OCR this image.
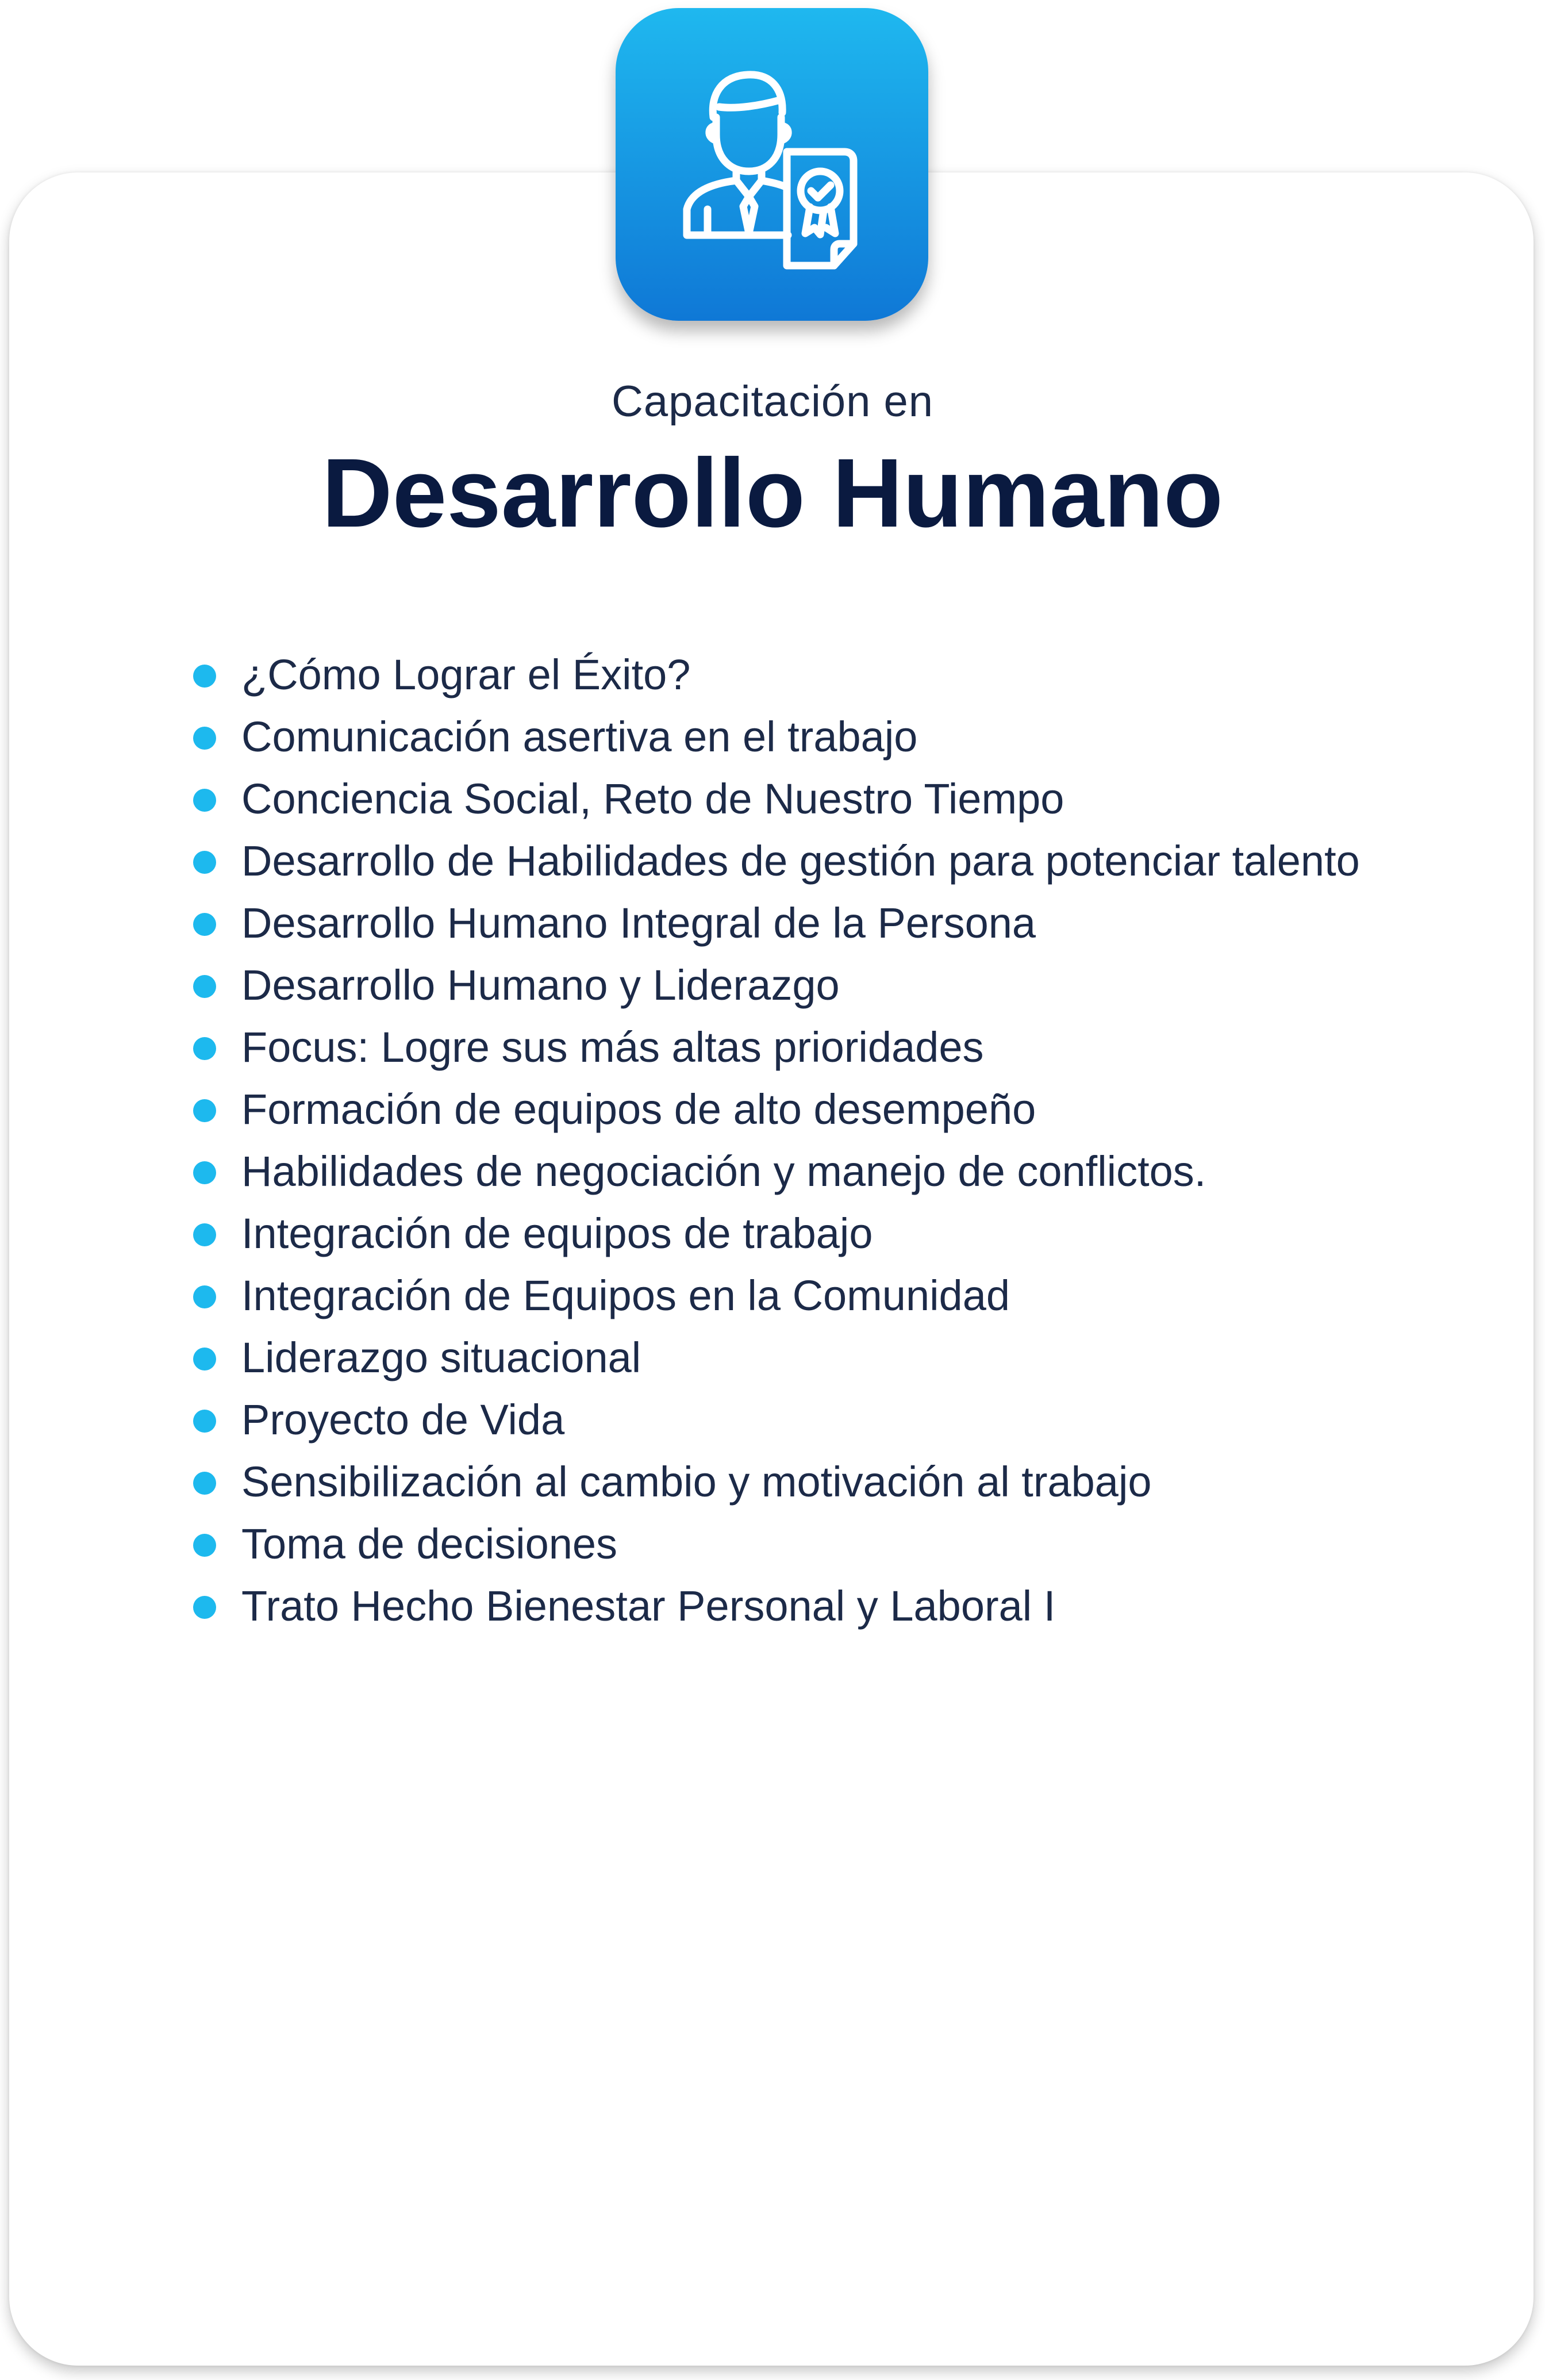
Capacitación en
Desarrollo Humano
¿Cómo Lograr el Éxito?
Comunicación asertiva en el trabajo
Conciencia Social, Reto de Nuestro Tiempo
Desarrollo de Habilidades de gestión para potenciar talento
Desarrollo Humano Integral de la Persona
Desarrollo Humano y Liderazgo
Focus: Logre sus más altas prioridades
Formación de equipos de alto desempeño
Habilidades de negociación y manejo de conflictos.
Integración de equipos de trabajo
Integración de Equipos en la Comunidad
Liderazgo situacional
Proyecto de Vida
Sensibilización al cambio y motivación al trabajo
Toma de decisiones
Trato Hecho Bienestar Personal y Laboral I
